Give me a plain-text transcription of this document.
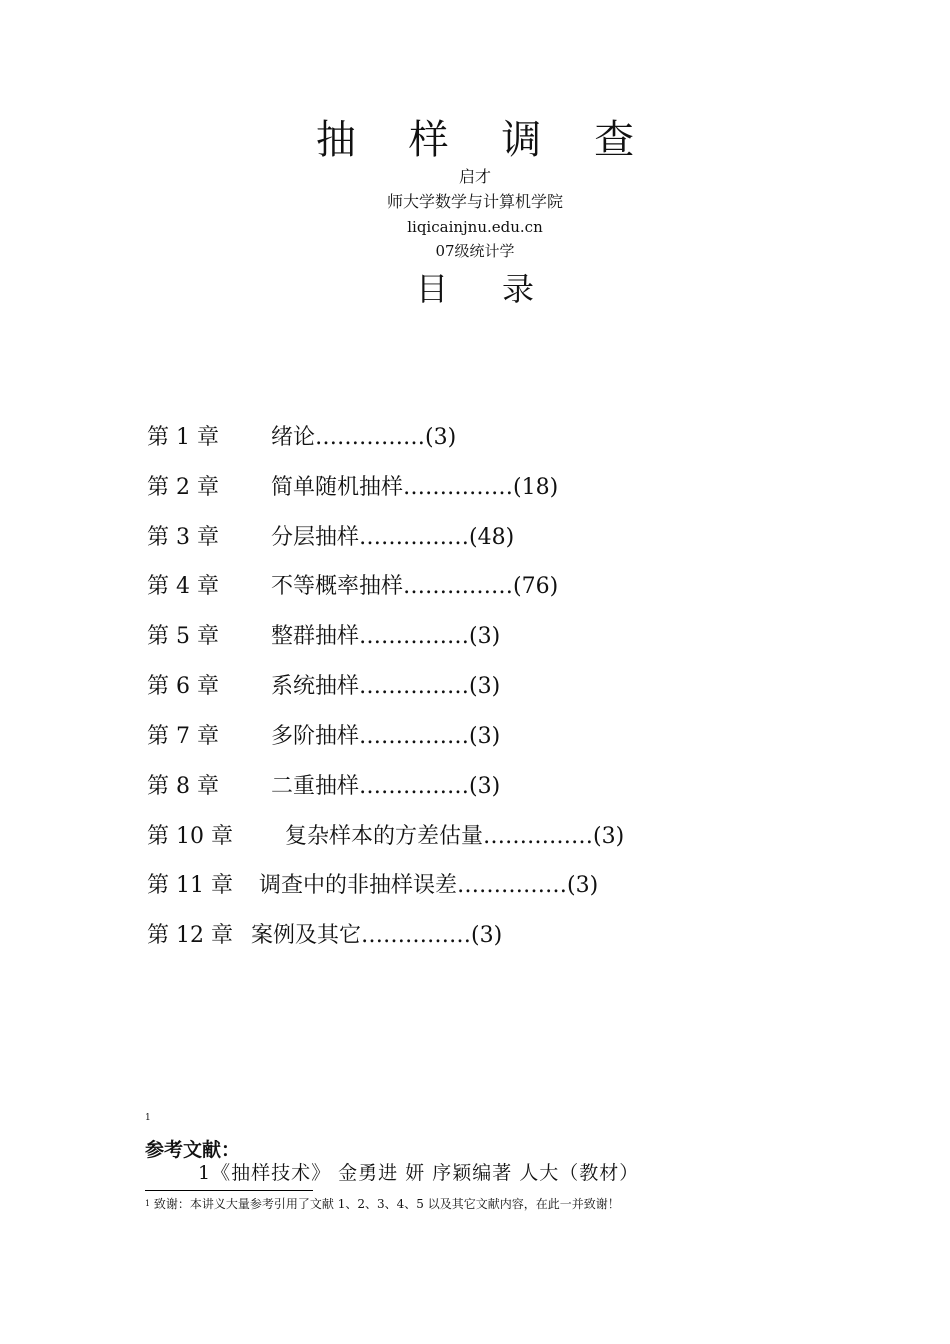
抽 样 调 查
启才
师大学数学与计算机学院
liqicainjnu.edu.cn
07级统计学
目 录
第 1 章 绪论……………(3)
第 2 章 简单随机抽样……………(18)
第 3 章 分层抽样……………(48)
第 4 章 不等概率抽样……………(76)
第 5 章 整群抽样……………(3)
第 6 章 系统抽样……………(3)
第 7 章 多阶抽样……………(3)
第 8 章 二重抽样……………(3)
第 10 章 复杂样本的方差估量……………(3)
第 11 章 调查中的非抽样误差……………(3)
第 12 章 案例及其它……………(3)
1
参考文献：
1《抽样技术》 金勇进 妍 序颖编著 人大（教材）
$^1$ 致谢：本讲义大量参考引用了文献 1、2、3、4、5 以及其它文献内容，在此一并致谢！
